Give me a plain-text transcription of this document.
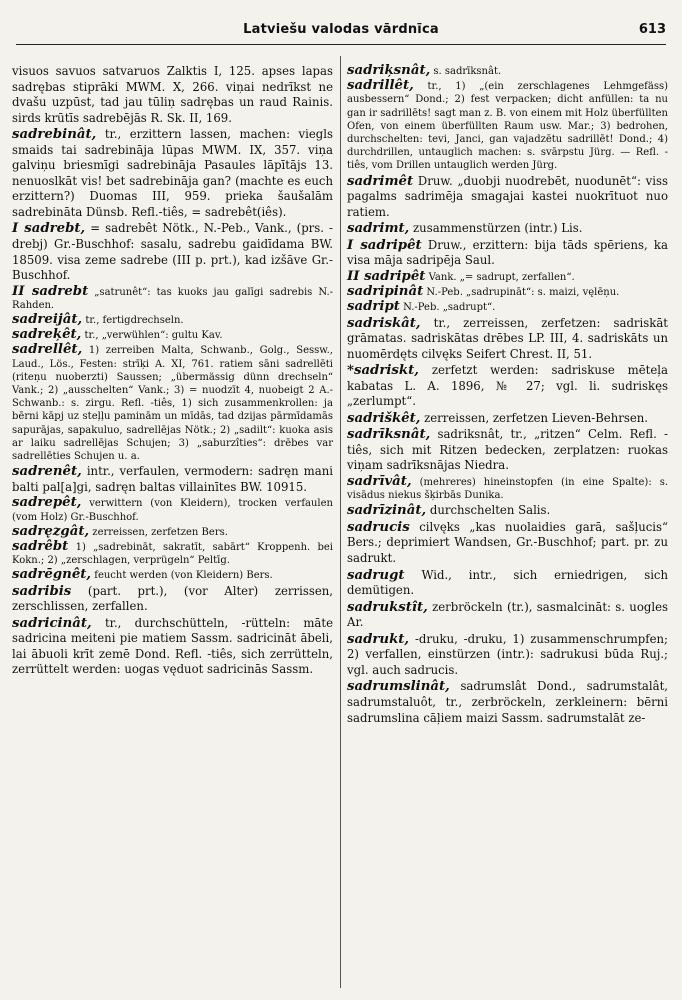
Latviešu valodas vārdnīca	613

visuos savuos satvaruos Zalktis I, 125. apses lapas sadrębas stiprāki MWM. X, 266. viņai nedrīkst ne dvašu uzpūst, tad jau tūliņ sadrębas un raud Rainis. sirds krūtīs sadrebējās R. Sk. II, 169.

sadrebinât, tr., erzittern lassen, machen: viegls smaids tai sadrebināja lūpas MWM. IX, 357. viņa galviņu briesmīgi sadrebināja Pasaules lāpītājs 13. nenuoslkāt vis! bet sadrebināja gan? (machte es euch erzittern?) Duomas III, 959. prieka šaušalām sadrebināta Dünsb. Refl.-tiês, = sadrebêt(iês).

I sadrebt, = sadrebêt Nötk., N.-Peb., Vank., (prs. -drebj) Gr.-Buschhof: sasalu, sadrebu gaidīdama BW. 18509. visa zeme sadrebe (III p. prt.), kad izšāve Gr.-Buschhof.

II sadrebt „satrunêt“: tas kuoks jau galīgi sadrebis N.-Rahden.

sadreijât, tr., fertigdrechseln.

sadreķêt, tr., „verwühlen“: gultu Kav.

sadrellêt, 1) zerreiben Malta, Schwanb., Golg., Sessw., Laud., Lös., Festen: strīķi A. XI, 761. ratiem sāni sadrellēti (riteņu nuoberzti) Saussen; „übermässig dünn drechseln“ Vank.; 2) „ausschelten“ Vank.; 3) = nuodzīt 4, nuobeigt 2 A.-Schwanb.: s. zirgu. Refl. -tiês, 1) sich zusammenkrollen: ja bērni kāpj uz steļļu paminām un mīdās, tad dzijas pārmīdamās sapurājas, sapakuluo, sadrellējas Nötk.; 2) „sadilt“: kuoka asis ar laiku sadrellējas Schujen; 3) „saburzîties“: drēbes var sadrellēties Schujen u. a.

sadrenêt, intr., verfaulen, vermodern: sadręn mani balti pal[a]gi, sadręn baltas villainītes BW. 10915.

sadrepêt, verwittern (von Kleidern), trocken verfaulen (vom Holz) Gr.-Buschhof.

sadręzgât, zerreissen, zerfetzen Bers.

sadrêbt 1) „sadrebināt, sakratīt, sabārt“ Kroppenh. bei Kokn.; 2) „zerschlagen, verprügeln“ Peltīg.

sadrēgnêt, feucht werden (von Kleidern) Bers.

sadribis (part. prt.), (vor Alter) zerrissen, zerschlissen, zerfallen.

sadricinât, tr., durchschütteln, -rütteln: māte sadricina meiteni pie matiem Sassm. sadricināt ābeli, lai ābuoli krīt zemē Dond. Refl. -tiês, sich zerrütteln, zerrüttelt werden: uogas vęduot sadricinās Sassm.

sadriķsnât, s. sadrīksnât.

sadrillêt, tr., 1) „(ein zerschlagenes Lehmgefäss) ausbessern“ Dond.; 2) fest verpacken; dicht anfüllen: ta nu gan ir sadrillēts! sagt man z. B. von einem mit Holz überfüllten Ofen, von einem überfüllten Raum usw. Mar.; 3) bedrohen, durchschelten: tevi, Janci, gan vajadzētu sadrillēt! Dond.; 4) durchdrillen, untauglich machen: s. svārpstu Jürg. — Refl. -tiês, vom Drillen untauglich werden Jürg.

sadrimêt Druw. „duobji nuodrebēt, nuodunēt“: viss pagalms sadrimēja smagajai kastei nuokrītuot nuo ratiem.

sadrimt, zusammenstürzen (intr.) Lis.

I sadripêt Druw., erzittern: bija tāds spēriens, ka visa māja sadripēja Saul.

II sadripêt Vank. „= sadrupt, zerfallen“.

sadripinât N.-Peb. „sadrupināt“: s. maizi, vęlēņu.

sadript N.-Peb. „sadrupt“.

sadriskât, tr., zerreissen, zerfetzen: sadriskāt grāmatas. sadriskātas drēbes LP. III, 4. sadriskāts un nuomērdęts cilvęks Seifert Chrest. II, 51.

*sadriskt, zerfetzt werden: sadriskuse mēteļa kabatas L. A. 1896, № 27; vgl. li. sudriskęs „zerlumpt“.

sadriškêt, zerreissen, zerfetzen Lieven-Behrsen.

sadrīksnât, sadriksnât, tr., „ritzen“ Celm. Refl. -tiês, sich mit Ritzen bedecken, zerplatzen: ruokas viņam sadrīksnājas Niedra.

sadrīvât, (mehreres) hineinstopfen (in eine Spalte): s. visādus niekus šķirbās Dunika.

sadrīzinât, durchschelten Salis.

sadrucis cilvęks „kas nuolaidies garā, sašļucis“ Bers.; deprimiert Wandsen, Gr.-Buschhof; part. pr. zu sadrukt.

sadrugt Wid., intr., sich erniedrigen, sich demütigen.

sadrukstît, zerbröckeln (tr.), sasmalcināt: s. uogles Ar.

sadrukt, -druku, -druku, 1) zusammenschrumpfen; 2) verfallen, einstürzen (intr.): sadrukusi būda Ruj.; vgl. auch sadrucis.

sadrumslinât, sadrumslât Dond., sadrumstalât, sadrumstaluôt, tr., zerbröckeln, zerkleinern: bērni sadrumslina cāļiem maizi Sassm. sadrumstalāt ze-
